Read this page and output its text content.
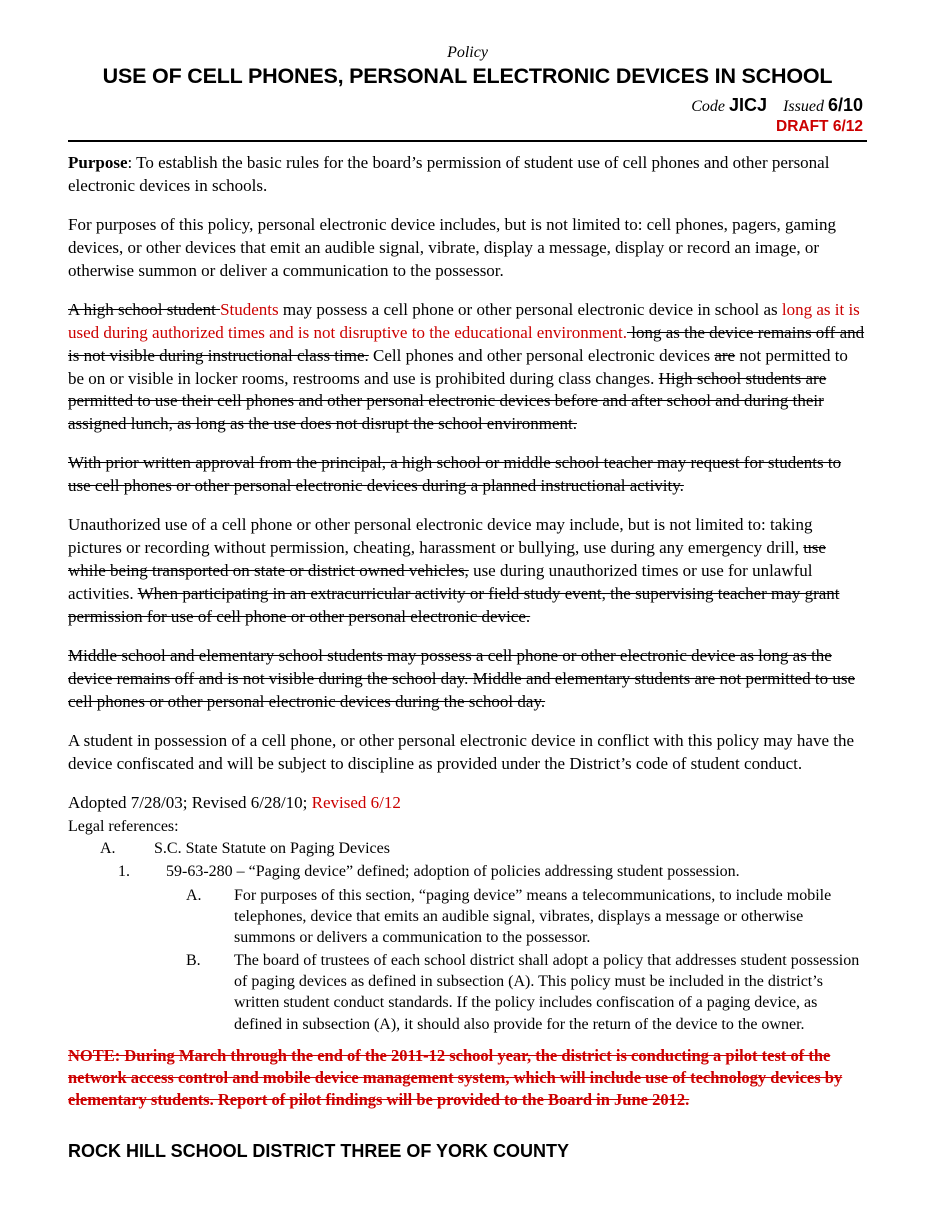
Policy
USE OF CELL PHONES, PERSONAL ELECTRONIC DEVICES IN SCHOOL
Code JICJ Issued 6/10
DRAFT 6/12

Purpose: To establish the basic rules for the board’s permission of student use of cell phones and other personal electronic devices in schools.

For purposes of this policy, personal electronic device includes, but is not limited to: cell phones, pagers, gaming devices, or other devices that emit an audible signal, vibrate, display a message, display or record an image, or otherwise summon or deliver a communication to the possessor.

A high school student Students may possess a cell phone or other personal electronic device in school as long as it is used during authorized times and is not disruptive to the educational environment. long as the device remains off and is not visible during instructional class time. Cell phones and other personal electronic devices are not permitted to be on or visible in locker rooms, restrooms and use is prohibited during class changes. High school students are permitted to use their cell phones and other personal electronic devices before and after school and during their assigned lunch, as long as the use does not disrupt the school environment.

With prior written approval from the principal, a high school or middle school teacher may request for students to use cell phones or other personal electronic devices during a planned instructional activity.

Unauthorized use of a cell phone or other personal electronic device may include, but is not limited to: taking pictures or recording without permission, cheating, harassment or bullying, use during any emergency drill, use while being transported on state or district owned vehicles, use during unauthorized times or use for unlawful activities. When participating in an extracurricular activity or field study event, the supervising teacher may grant permission for use of cell phone or other personal electronic device.

Middle school and elementary school students may possess a cell phone or other electronic device as long as the device remains off and is not visible during the school day. Middle and elementary students are not permitted to use cell phones or other personal electronic devices during the school day.

A student in possession of a cell phone, or other personal electronic device in conflict with this policy may have the device confiscated and will be subject to discipline as provided under the District’s code of student conduct.

Adopted 7/28/03; Revised 6/28/10; Revised 6/12
Legal references:
A. S.C. State Statute on Paging Devices
1. 59-63-280 – “Paging device” defined; adoption of policies addressing student possession.
A. For purposes of this section, “paging device” means a telecommunications, to include mobile telephones, device that emits an audible signal, vibrates, displays a message or otherwise summons or delivers a communication to the possessor.
B. The board of trustees of each school district shall adopt a policy that addresses student possession of paging devices as defined in subsection (A). This policy must be included in the district’s written student conduct standards. If the policy includes confiscation of a paging device, as defined in subsection (A), it should also provide for the return of the device to the owner.
NOTE: During March through the end of the 2011-12 school year, the district is conducting a pilot test of the network access control and mobile device management system, which will include use of technology devices by elementary students. Report of pilot findings will be provided to the Board in June 2012.
ROCK HILL SCHOOL DISTRICT THREE OF YORK COUNTY
